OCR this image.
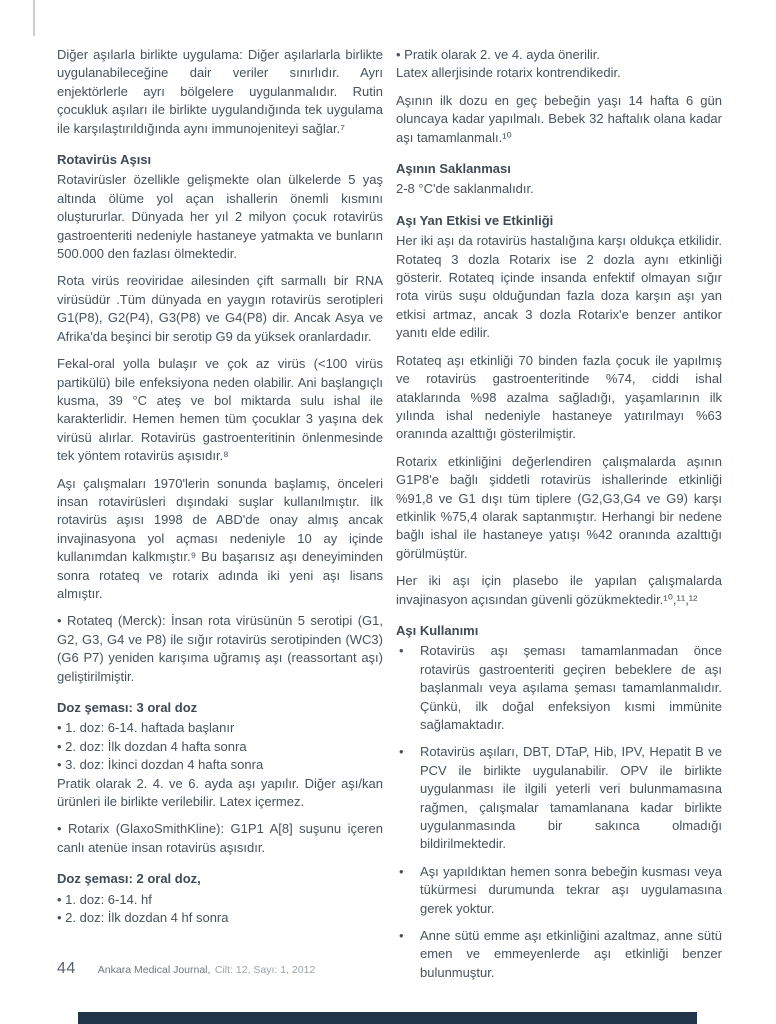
Diğer aşılarla birlikte uygulama: Diğer aşılarlarla birlikte uygulanabileceğine dair veriler sınırlıdır. Ayrı enjektörlerle ayrı bölgelere uygulanmalıdır. Rutin çocukluk aşıları ile birlikte uygulandığında tek uygulama ile karşılaştırıldığında aynı immunojeniteyi sağlar.⁷

Rotavirüs Aşısı

Rotavirüsler özellikle gelişmekte olan ülkelerde 5 yaş altında ölüme yol açan ishallerin önemli kısmını oluştururlar. Dünyada her yıl 2 milyon çocuk rotavirüs gastroenteriti nedeniyle hastaneye yatmakta ve bunların 500.000 den fazlası ölmektedir.

Rota virüs reoviridae ailesinden çift sarmallı bir RNA virüsüdür .Tüm dünyada en yaygın rotavirüs serotipleri G1(P8), G2(P4), G3(P8) ve G4(P8) dir. Ancak Asya ve Afrika'da beşinci bir serotip G9 da yüksek oranlardadır.

Fekal-oral yolla bulaşır ve çok az virüs (<100 virüs partikülü) bile enfeksiyona neden olabilir. Ani başlangıçlı kusma, 39 °C ateş ve bol miktarda sulu ishal ile karakterlidir. Hemen hemen tüm çocuklar 3 yaşına dek virüsü alırlar. Rotavirüs gastroenteritinin önlenmesinde tek yöntem rotavirüs aşısıdır.⁸

Aşı çalışmaları 1970'lerin sonunda başlamış, önceleri insan rotavirüsleri dışındaki suşlar kullanılmıştır. İlk rotavirüs aşısı 1998 de ABD'de onay almış ancak invajinasyona yol açması nedeniyle 10 ay içinde kullanımdan kalkmıştır.⁹ Bu başarısız aşı deneyiminden sonra rotateq ve rotarix adında iki yeni aşı lisans almıştır.

• Rotateq (Merck): İnsan rota virüsünün 5 serotipi (G1, G2, G3, G4 ve P8) ile sığır rotavirüs serotipinden (WC3) (G6 P7) yeniden karışıma uğramış aşı (reassortant aşı) geliştirilmiştir.

Doz şeması: 3 oral doz

• 1. doz: 6-14. haftada başlanır

• 2. doz: İlk dozdan 4 hafta sonra

• 3. doz: İkinci dozdan 4 hafta sonra

Pratik olarak 2. 4. ve 6. ayda aşı yapılır. Diğer aşı/kan ürünleri ile birlikte verilebilir. Latex içermez.

• Rotarix (GlaxoSmithKline): G1P1 A[8] suşunu içeren canlı atenüe insan rotavirüs aşısıdır.

Doz şeması: 2 oral doz,

• 1. doz: 6-14. hf

• 2. doz: İlk dozdan 4 hf sonra

• Pratik olarak 2. ve 4. ayda önerilir.

Latex allerjisinde rotarix kontrendikedir.

Aşının ilk dozu en geç bebeğin yaşı 14 hafta 6 gün oluncaya kadar yapılmalı. Bebek 32 haftalık olana kadar aşı tamamlanmalı.¹⁰

Aşının Saklanması

2-8 °C'de saklanmalıdır.

Aşı Yan Etkisi ve Etkinliği

Her iki aşı da rotavirüs hastalığına karşı oldukça etkilidir. Rotateq 3 dozla Rotarix ise 2 dozla aynı etkinliği gösterir. Rotateq içinde insanda enfektif olmayan sığır rota virüs suşu olduğundan fazla doza karşın aşı yan etkisi artmaz, ancak 3 dozla Rotarix'e benzer antikor yanıtı elde edilir.

Rotateq aşı etkinliği 70 binden fazla çocuk ile yapılmış ve rotavirüs gastroenteritinde %74, ciddi ishal ataklarında %98 azalma sağladığı, yaşamlarının ilk yılında ishal nedeniyle hastaneye yatırılmayı %63 oranında azalttığı gösterilmiştir.

Rotarix etkinliğini değerlendiren çalışmalarda aşının G1P8'e bağlı şiddetli rotavirüs ishallerinde etkinliği %91,8 ve G1 dışı tüm tiplere (G2,G3,G4 ve G9) karşı etkinlik %75,4 olarak saptanmıştır. Herhangi bir nedene bağlı ishal ile hastaneye yatışı %42 oranında azalttığı görülmüştür.

Her iki aşı için plasebo ile yapılan çalışmalarda invajinasyon açısından güvenli gözükmektedir.¹⁰,¹¹,¹²

Aşı Kullanımı
•	Rotavirüs aşı şeması tamamlanmadan önce rotavirüs gastroenteriti geçiren bebeklere de aşı başlanmalı veya aşılama şeması tamamlanmalıdır. Çünkü, ilk doğal enfeksiyon kısmi immünite sağlamaktadır.
•	Rotavirüs aşıları, DBT, DTaP, Hib, IPV, Hepatit B ve PCV ile birlikte uygulanabilir. OPV ile birlikte uygulanması ile ilgili yeterli veri bulunmamasına rağmen, çalışmalar tamamlanana kadar birlikte uygulanmasında bir sakınca olmadığı bildirilmektedir.
•	Aşı yapıldıktan hemen sonra bebeğin kusması veya tükürmesi durumunda tekrar aşı uygulamasına gerek yoktur.
•	Anne sütü emme aşı etkinliğini azaltmaz, anne sütü emen ve emmeyenlerde aşı etkinliği benzer bulunmuştur.
44 Ankara Medical Journal, Cilt: 12, Sayı: 1, 2012
